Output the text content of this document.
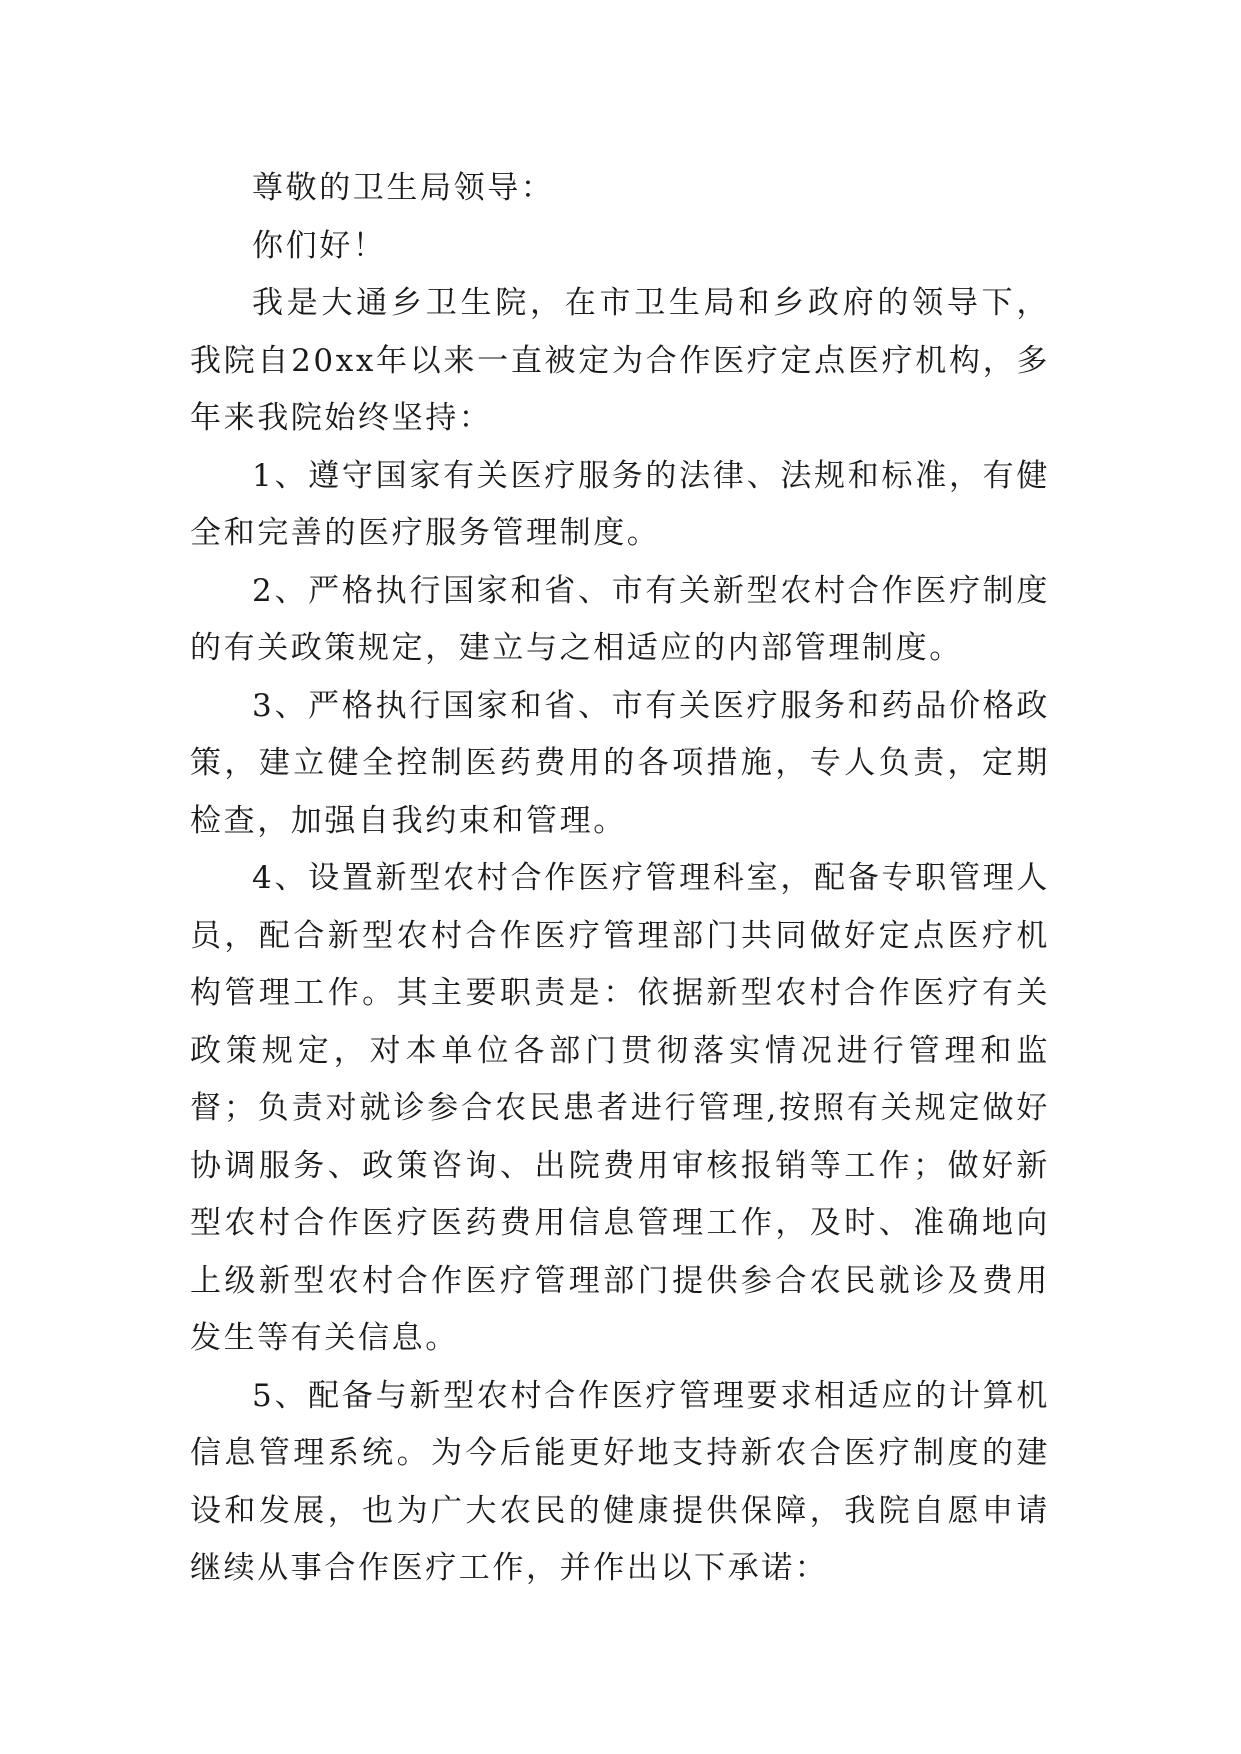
尊敬的卫生局领导：

你们好！

我是大通乡卫生院，在市卫生局和乡政府的领导下，我院自20xx年以来一直被定为合作医疗定点医疗机构，多年来我院始终坚持：

1、遵守国家有关医疗服务的法律、法规和标准，有健全和完善的医疗服务管理制度。

2、严格执行国家和省、市有关新型农村合作医疗制度的有关政策规定，建立与之相适应的内部管理制度。

3、严格执行国家和省、市有关医疗服务和药品价格政策，建立健全控制医药费用的各项措施，专人负责，定期检查，加强自我约束和管理。

4、设置新型农村合作医疗管理科室，配备专职管理人员，配合新型农村合作医疗管理部门共同做好定点医疗机构管理工作。其主要职责是：依据新型农村合作医疗有关政策规定，对本单位各部门贯彻落实情况进行管理和监督；负责对就诊参合农民患者进行管理,按照有关规定做好协调服务、政策咨询、出院费用审核报销等工作；做好新型农村合作医疗医药费用信息管理工作，及时、准确地向上级新型农村合作医疗管理部门提供参合农民就诊及费用发生等有关信息。

5、配备与新型农村合作医疗管理要求相适应的计算机信息管理系统。为今后能更好地支持新农合医疗制度的建设和发展，也为广大农民的健康提供保障，我院自愿申请继续从事合作医疗工作，并作出以下承诺：
